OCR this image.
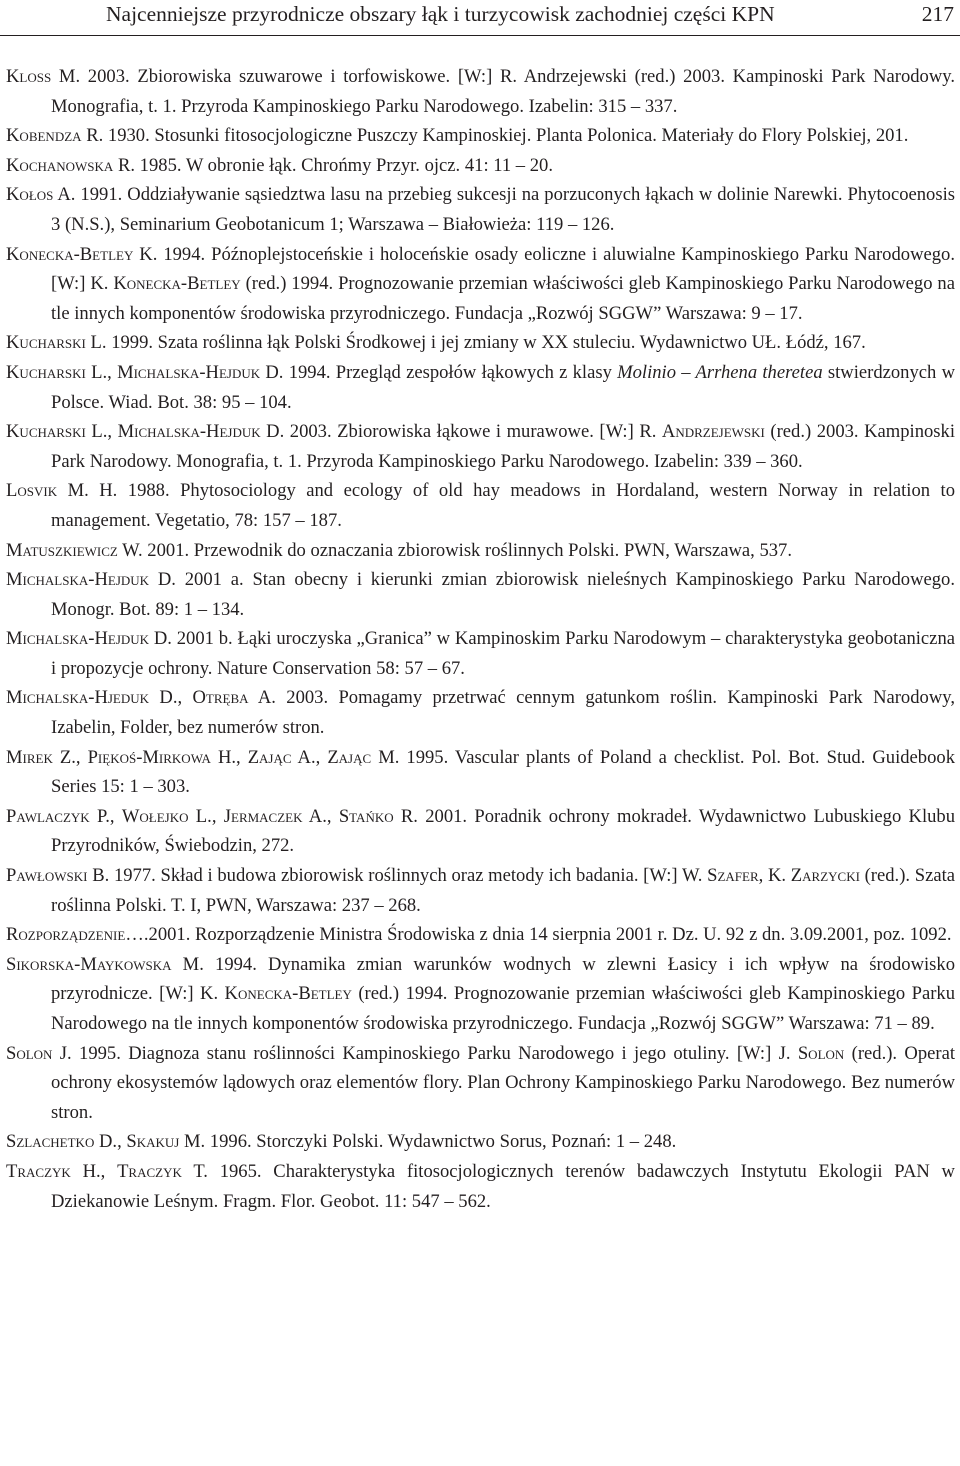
Najcenniejsze przyrodnicze obszary łąk i turzycowisk zachodniej części KPN	217
Kloss M. 2003. Zbiorowiska szuwarowe i torfowiskowe. [W:] R. Andrzejewski (red.) 2003. Kampinoski Park Narodowy. Monografia, t. 1. Przyroda Kampinoskiego Parku Narodowego. Izabelin: 315 – 337.
Kobendza R. 1930. Stosunki fitosocjologiczne Puszczy Kampinoskiej. Planta Polonica. Materiały do Flory Polskiej, 201.
Kochanowska R. 1985. W obronie łąk. Chrońmy Przyr. ojcz. 41: 11 – 20.
Kołos A. 1991. Oddziaływanie sąsiedztwa lasu na przebieg sukcesji na porzuconych łąkach w dolinie Narewki. Phytocoenosis 3 (N.S.), Seminarium Geobotanicum 1; Warszawa – Białowieża: 119 – 126.
Konecka-Betley K. 1994. Późnoplejstoceńskie i holoceńskie osady eoliczne i aluwialne Kampinoskiego Parku Narodowego. [W:] K. Konecka-Betley (red.) 1994. Prognozowanie przemian właściwości gleb Kampinoskiego Parku Narodowego na tle innych komponentów środowiska przyrodniczego. Fundacja „Rozwój SGGW” Warszawa: 9 – 17.
Kucharski L. 1999. Szata roślinna łąk Polski Środkowej i jej zmiany w XX stuleciu. Wydawnictwo UŁ. Łódź, 167.
Kucharski L., Michalska-Hejduk D. 1994. Przegląd zespołów łąkowych z klasy Molinio – Arrhena theretea stwierdzonych w Polsce. Wiad. Bot. 38: 95 – 104.
Kucharski L., Michalska-Hejduk D. 2003. Zbiorowiska łąkowe i murawowe. [W:] R. Andrzejewski (red.) 2003. Kampinoski Park Narodowy. Monografia, t. 1. Przyroda Kampinoskiego Parku Narodowego. Izabelin: 339 – 360.
Losvik M. H. 1988. Phytosociology and ecology of old hay meadows in Hordaland, western Norway in relation to management. Vegetatio, 78: 157 – 187.
Matuszkiewicz W. 2001. Przewodnik do oznaczania zbiorowisk roślinnych Polski. PWN, Warszawa, 537.
Michalska-Hejduk D. 2001 a. Stan obecny i kierunki zmian zbiorowisk nieleśnych Kampinoskiego Parku Narodowego. Monogr. Bot. 89: 1 – 134.
Michalska-Hejduk D. 2001 b. Łąki uroczyska „Granica” w Kampinoskim Parku Narodowym – charakterystyka geobotaniczna i propozycje ochrony. Nature Conservation 58: 57 – 67.
Michalska-Hjeduk D., Otręba A. 2003. Pomagamy przetrwać cennym gatunkom roślin. Kampinoski Park Narodowy, Izabelin, Folder, bez numerów stron.
Mirek Z., Piękoś-Mirkowa H., Zając A., Zając M. 1995. Vascular plants of Poland a checklist. Pol. Bot. Stud. Guidebook Series 15: 1 – 303.
Pawlaczyk P., Wołejko L., Jermaczek A., Stańko R. 2001. Poradnik ochrony mokradeł. Wydawnictwo Lubuskiego Klubu Przyrodników, Świebodzin, 272.
Pawłowski B. 1977. Skład i budowa zbiorowisk roślinnych oraz metody ich badania. [W:] W. Szafer, K. Zarzycki (red.). Szata roślinna Polski. T. I, PWN, Warszawa: 237 – 268.
Rozporządzenie….2001. Rozporządzenie Ministra Środowiska z dnia 14 sierpnia 2001 r. Dz. U. 92 z dn. 3.09.2001, poz. 1092.
Sikorska-Maykowska M. 1994. Dynamika zmian warunków wodnych w zlewni Łasicy i ich wpływ na środowisko przyrodnicze. [W:] K. Konecka-Betley (red.) 1994. Prognozowanie przemian właściwości gleb Kampinoskiego Parku Narodowego na tle innych komponentów środowiska przyrodniczego. Fundacja „Rozwój SGGW” Warszawa: 71 – 89.
Solon J. 1995. Diagnoza stanu roślinności Kampinoskiego Parku Narodowego i jego otuliny. [W:] J. Solon (red.). Operat ochrony ekosystemów lądowych oraz elementów flory. Plan Ochrony Kampinoskiego Parku Narodowego. Bez numerów stron.
Szlachetko D., Skakuj M. 1996. Storczyki Polski. Wydawnictwo Sorus, Poznań: 1 – 248.
Traczyk H., Traczyk T. 1965. Charakterystyka fitosocjologicznych terenów badawczych Instytutu Ekologii PAN w Dziekanowie Leśnym. Fragm. Flor. Geobot. 11: 547 – 562.
